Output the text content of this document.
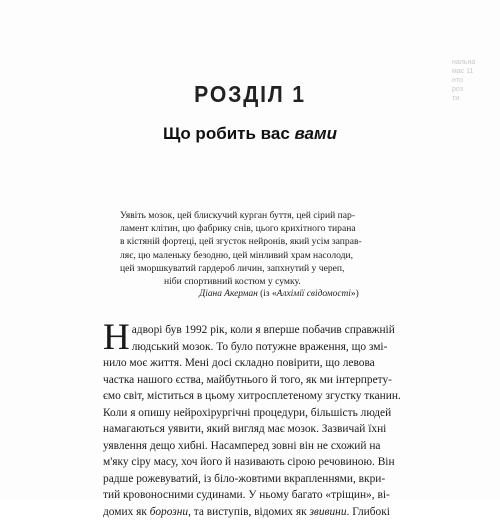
нальна
мас 11
нто
роз
ти
РОЗДІЛ 1
Що робить вас вами
Уявіть мозок, цей блискучий курган буття, цей сірий пар-
ламент клітин, цю фабрику снів, цього крихітного тирана
в кістяній фортеці, цей згусток нейронів, який усім заправ-
ляє, цю маленьку безодню, цей мінливий храм насолоди,
цей зморшкуватий гардероб личин, запхнутий у череп,
ніби спортивний костюм у сумку.
Діана Акерман (із «Алхімії свідомості»)
Н адворі був 1992 рік, коли я вперше побачив справжній
людський мозок. То було потужне враження, що змі-
нило моє життя. Мені досі складно повірити, що левова
частка нашого єства, майбутнього й того, як ми інтерпрету-
ємо світ, міститься в цьому хитросплетеному згустку тканин.
Коли я опишу нейрохірургічні процедури, більшість людей
намагаються уявити, який вигляд має мозок. Зазвичай їхні
уявлення дещо хибні. Насамперед зовні він не схожий на
м'яку сіру масу, хоч його й називають сірою речовиною. Він
радше рожевуватий, із біло-жовтими вкрапленнями, вкри-
тий кровоносними судинами. У ньому багато «тріщин», ві-
домих як борозни, та виступів, відомих як звивини. Глибокі
